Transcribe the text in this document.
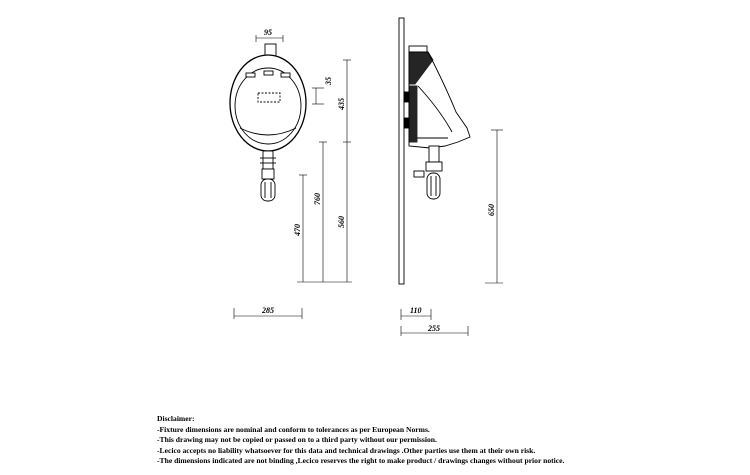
95
35
435
760
560
470
285
650
110
255
Disclaimer:
-Fixture dimensions are nominal and conform to tolerances as per European Norms.
-This drawing may not be copied or passed on to a third party without our permission.
-Lecico accepts no liability whatsoever for this data and technical drawings .Other parties use them at their own risk.
-The dimensions indicated are not binding ,Lecico reserves the right to make product / drawings changes without prior notice.
